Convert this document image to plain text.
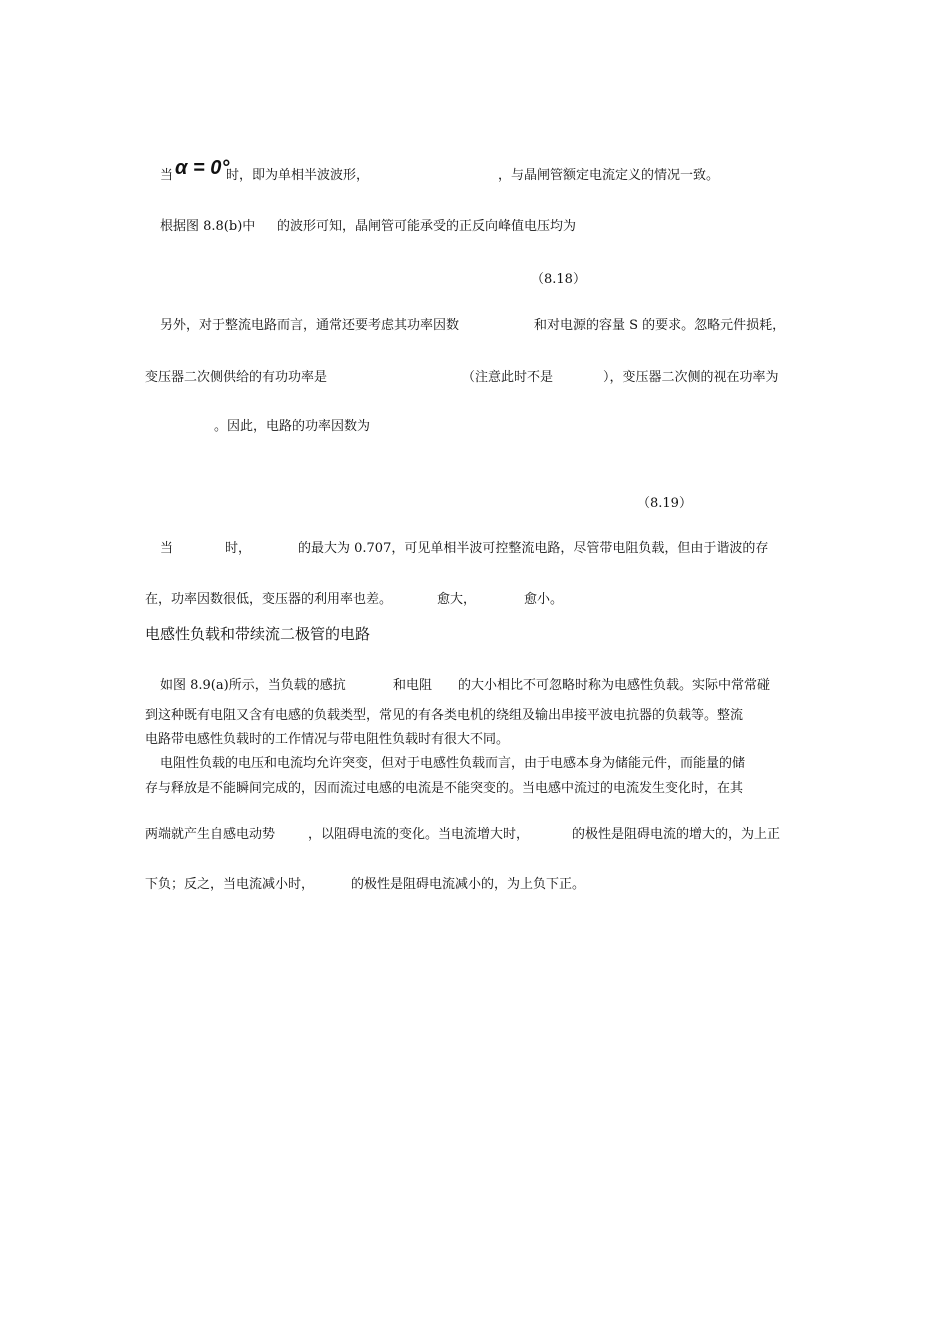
当 α = 0°
时，即为单相半波波形，	，与晶闸管额定电流定义的情况一致。
根据图 8.8(b)中 的波形可知，晶闸管可能承受的正反向峰值电压均为
（8.18）
另外，对于整流电路而言，通常还要考虑其功率因数	和对电源的容量 S 的要求。忽略元件损耗，
变压器二次侧供给的有功功率是	（注意此时不是	），变压器二次侧的视在功率为
。因此，电路的功率因数为
（8.19）
当	时，	的最大为 0.707，可见单相半波可控整流电路，尽管带电阻负载，但由于谐波的存
在，功率因数很低，变压器的利用率也差。	愈大，	愈小。
电感性负载和带续流二极管的电路
如图 8.9(a)所示，当负载的感抗	和电阻 的大小相比不可忽略时称为电感性负载。实际中常常碰
到这种既有电阻又含有电感的负载类型，常见的有各类电机的绕组及输出串接平波电抗器的负载等。整流
电路带电感性负载时的工作情况与带电阻性负载时有很大不同。
电阻性负载的电压和电流均允许突变，但对于电感性负载而言，由于电感本身为储能元件，而能量的储
存与释放是不能瞬间完成的，因而流过电感的电流是不能突变的。当电感中流过的电流发生变化时，在其
两端就产生自感电动势	，以阻碍电流的变化。当电流增大时，	的极性是阻碍电流的增大的，为上正
下负；反之，当电流减小时，	的极性是阻碍电流减小的，为上负下正。
